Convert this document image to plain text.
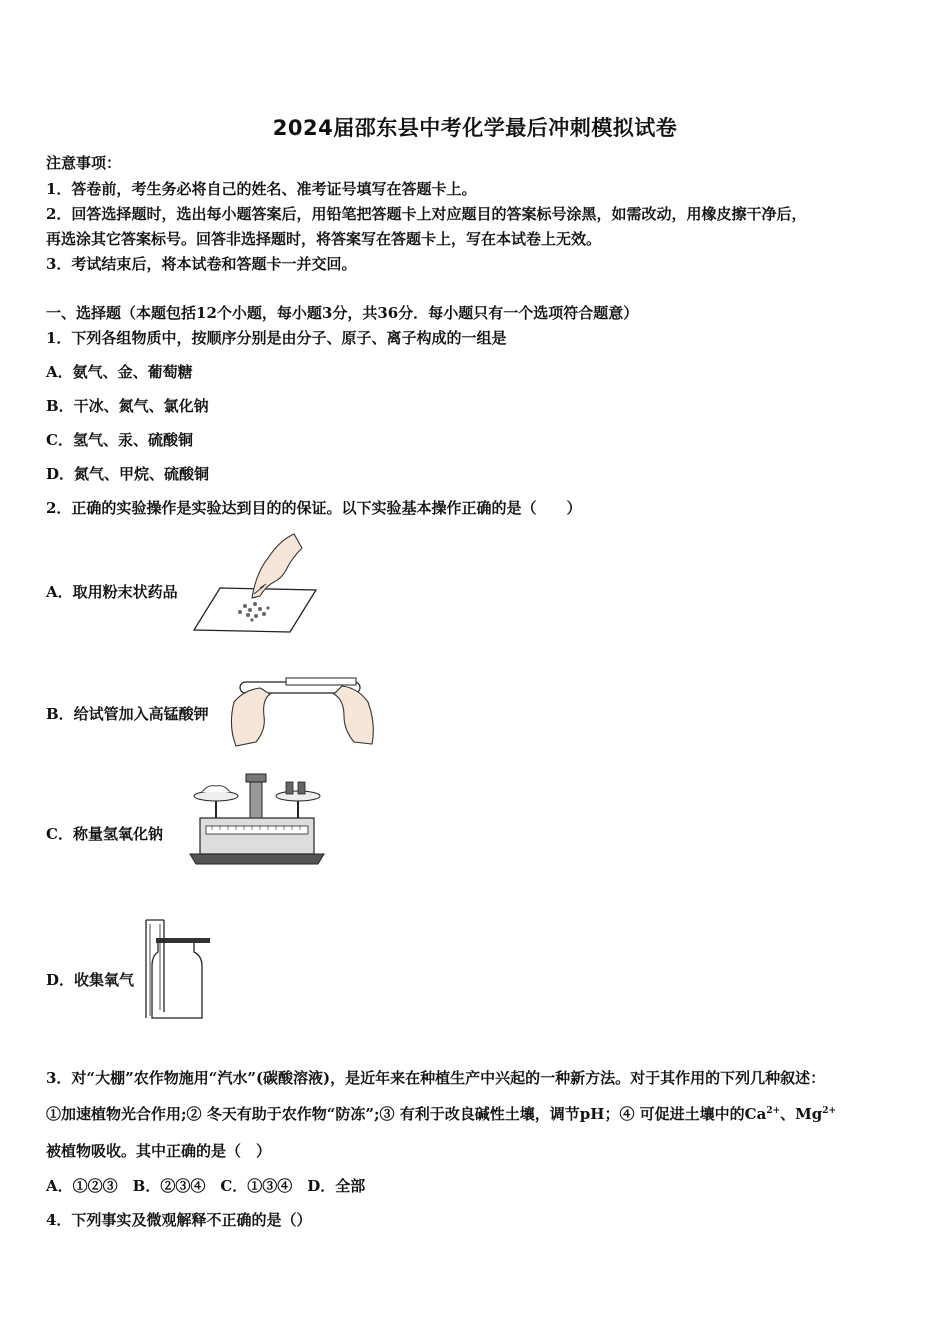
2024届邵东县中考化学最后冲刺模拟试卷
注意事项：
1．答卷前，考生务必将自己的姓名、准考证号填写在答题卡上。
2．回答选择题时，选出每小题答案后，用铅笔把答题卡上对应题目的答案标号涂黑，如需改动，用橡皮擦干净后，
再选涂其它答案标号。回答非选择题时，将答案写在答题卡上，写在本试卷上无效。
3．考试结束后，将本试卷和答题卡一并交回。
一、选择题（本题包括12个小题，每小题3分，共36分．每小题只有一个选项符合题意）
1．下列各组物质中，按顺序分别是由分子、原子、离子构成的一组是
A．氨气、金、葡萄糖
B．干冰、氮气、氯化钠
C．氢气、汞、硫酸铜
D．氮气、甲烷、硫酸铜
2．正确的实验操作是实验达到目的的保证。以下实验基本操作正确的是（　　）
A．取用粉末状药品
B．给试管加入高锰酸钾
C．称量氢氧化钠
D．收集氧气
3．对“大棚”农作物施用“汽水”(碳酸溶液)，是近年来在种植生产中兴起的一种新方法。对于其作用的下列几种叙述：
①加速植物光合作用;② 冬天有助于农作物“防冻”;③ 有利于改良碱性土壤，调节pH；④ 可促进土壤中的$Ca^{2+}$、$Mg^{2+}$
被植物吸收。其中正确的是（　）
A．①②③　B．②③④　C．①③④　D．全部
4．下列事实及微观解释不正确的是（）
